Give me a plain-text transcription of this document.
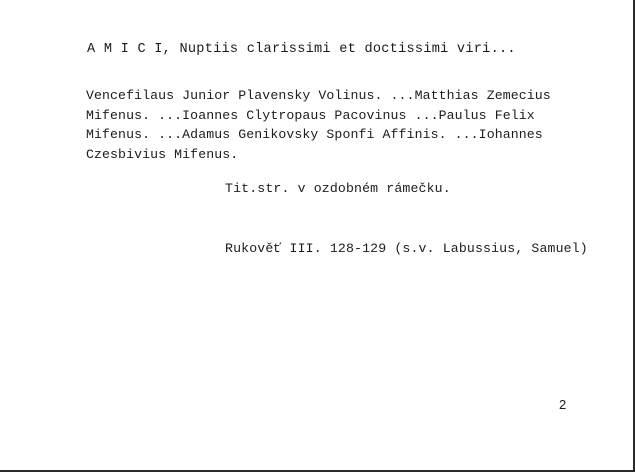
A M I C I, Nuptiis clarissimi et doctissimi viri...
Vencefilaus Junior Plavensky Volinus. ...Matthias Zemecius
Mifenus. ...Ioannes Clytropaus Pacovinus ...Paulus Felix
Mifenus. ...Adamus Genikovsky Sponfi Affinis. ...Iohannes
Czesbivius Mifenus.
Tit.str. v ozdobném rámečku.
Rukověť III. 128-129 (s.v. Labussius, Samuel)
2
